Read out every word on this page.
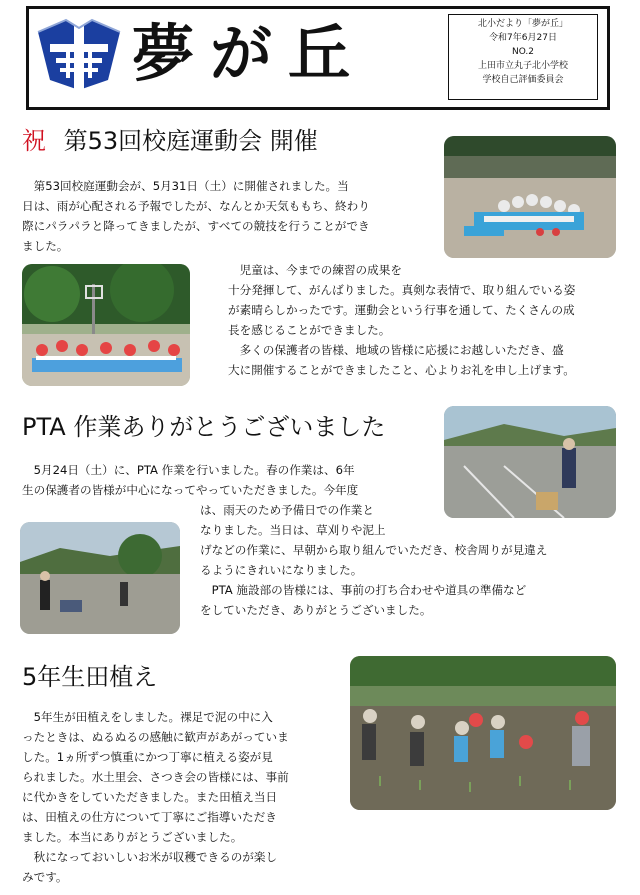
夢が丘	北小だより「夢が丘」
令和7年6月27日
NO.2
上田市立丸子北小学校
学校自己評価委員会
祝 第53回校庭運動会 開催
　第53回校庭運動会が、5月31日（土）に開催されました。当
日は、雨が心配される予報でしたが、なんとか天気ももち、終わり
際にパラパラと降ってきましたが、すべての競技を行うことができ
ました。
　児童は、今までの練習の成果を
十分発揮して、がんばりました。真剣な表情で、取り組んでいる姿
が素晴らしかったです。運動会という行事を通して、たくさんの成
長を感じることができました。
　多くの保護者の皆様、地域の皆様に応援にお越しいただき、盛
大に開催することができましたこと、心よりお礼を申し上げます。
PTA 作業ありがとうございました
　5月24日（土）に、PTA 作業を行いました。春の作業は、6年
生の保護者の皆様が中心になってやっていただきました。今年度
は、雨天のため予備日での作業と
なりました。当日は、草刈りや泥上
げなどの作業に、早朝から取り組んでいただき、校舎周りが見違え
るようにきれいになりました。
　PTA 施設部の皆様には、事前の打ち合わせや道具の準備など
をしていただき、ありがとうございました。
5年生田植え
　5年生が田植えをしました。裸足で泥の中に入
ったときは、ぬるぬるの感触に歓声があがっていま
した。1ヵ所ずつ慎重にかつ丁寧に植える姿が見
られました。水土里会、さつき会の皆様には、事前
に代かきをしていただきました。また田植え当日
は、田植えの仕方について丁寧にご指導いただき
ました。本当にありがとうございました。
　秋になっておいしいお米が収穫できるのが楽し
みです。
